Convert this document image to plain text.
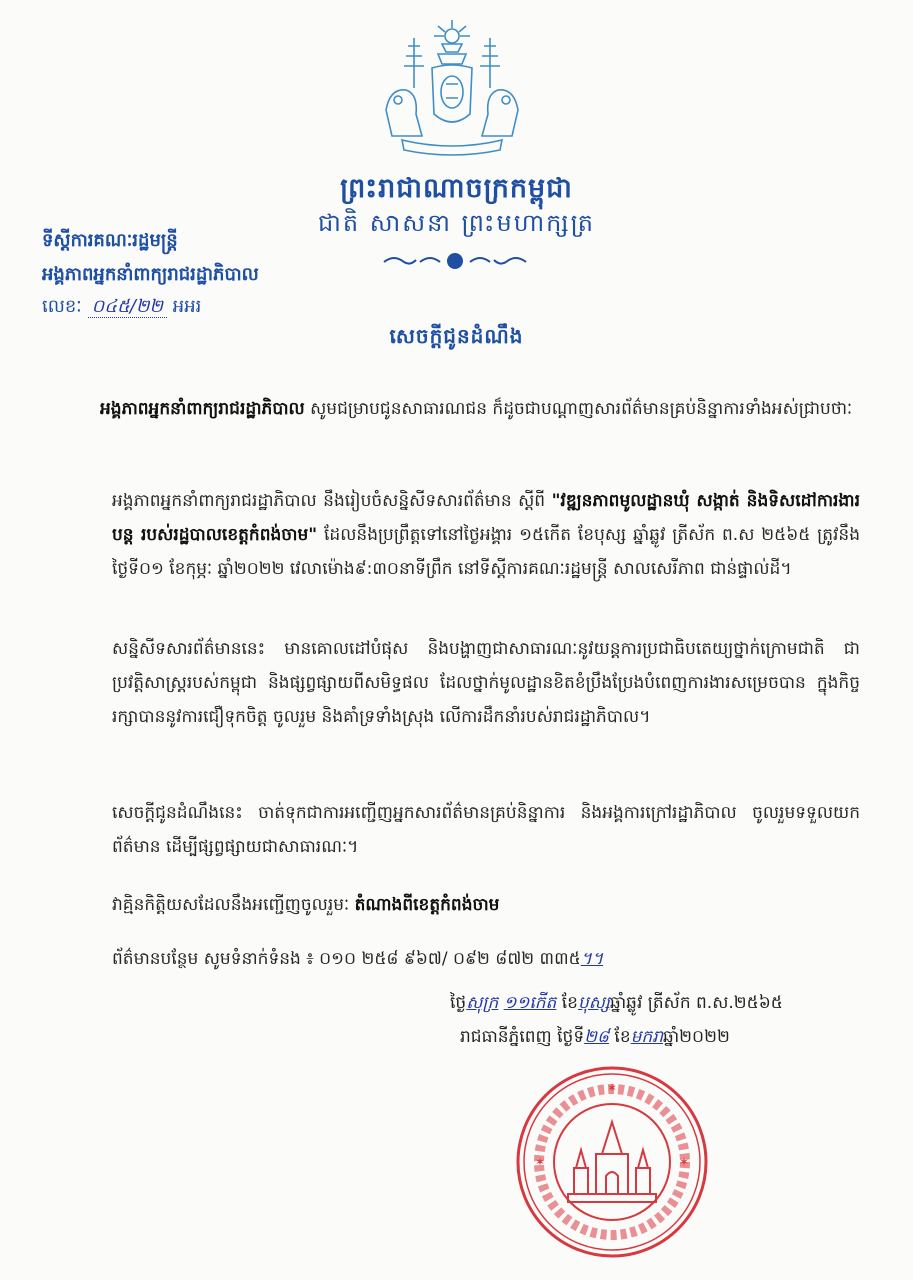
ព្រះរាជាណាចក្រកម្ពុជា
ជាតិ សាសនា ព្រះមហាក្សត្រ
ទីស្តីការគណៈរដ្ឋមន្ត្រី
អង្គភាពអ្នកនាំពាក្យរាជរដ្ឋាភិបាល
លេខៈ ០៤៥/២២ អអរ
សេចក្តីជូនដំណឹង
អង្គភាពអ្នកនាំពាក្យរាជរដ្ឋាភិបាល សូមជម្រាបជូនសាធារណជន ក៏ដូចជាបណ្តាញសារព័ត៌មានគ្រប់និន្នាការទាំងអស់ជ្រាបថាៈ
អង្គភាពអ្នកនាំពាក្យរាជរដ្ឋាភិបាល នឹងរៀបចំសន្និសីទសារព័ត៌មាន ស្តីពី "វឌ្ឍនភាពមូលដ្ឋានឃុំ សង្កាត់ និងទិសដៅការងារបន្ត របស់រដ្ឋបាលខេត្តកំពង់ចាម" ដែលនឹងប្រព្រឹត្តទៅនៅថ្ងៃអង្គារ ១៥កើត ខែបុស្ស ឆ្នាំឆ្លូវ ត្រីស័ក ព.ស ២៥៦៥ ត្រូវនឹងថ្ងៃទី០១ ខែកុម្ភៈ ឆ្នាំ២០២២ វេលាម៉ោង៩:៣០នាទីព្រឹក នៅទីស្តីការគណៈរដ្ឋមន្ត្រី សាលសេរីភាព ជាន់ផ្ទាល់ដី។
សន្និសីទសារព័ត៌មាននេះ មានគោលដៅបំផុស និងបង្ហាញជាសាធារណៈនូវយន្តការប្រជាធិបតេយ្យថ្នាក់ក្រោមជាតិ ជាប្រវត្តិសាស្ត្ររបស់កម្ពុជា និងផ្សព្វផ្សាយពីសមិទ្ធផល ដែលថ្នាក់មូលដ្ឋានខិតខំប្រឹងប្រែងបំពេញការងារសម្រេចបាន ក្នុងកិច្ចរក្សាបាននូវការជឿទុកចិត្ត ចូលរួម និងគាំទ្រទាំងស្រុង លើការដឹកនាំរបស់រាជរដ្ឋាភិបាល។
សេចក្តីជូនដំណឹងនេះ ចាត់ទុកជាការអញ្ជើញអ្នកសារព័ត៌មានគ្រប់និន្នាការ និងអង្គការក្រៅរដ្ឋាភិបាល ចូលរួមទទួលយកព័ត៌មាន ដើម្បីផ្សព្វផ្សាយជាសាធារណៈ។
វាគ្មិនកិត្តិយសដែលនឹងអញ្ជើញចូលរួមៈ តំណាងពីខេត្តកំពង់ចាម
ព័ត៌មានបន្ថែម សូមទំនាក់ទំនង ៖ ០១០ ២៥៨ ៩៦៧/ ០៩២ ៨៧២ ៣៣៥។។
ថ្ងៃសុក្រ ១១កើត ខែបុស្សឆ្នាំឆ្លូវ ត្រីស័ក ព.ស.២៥៦៥
រាជធានីភ្នំពេញ ថ្ងៃទី២៨ ខែមករាឆ្នាំ២០២២
✶
✶	✶
